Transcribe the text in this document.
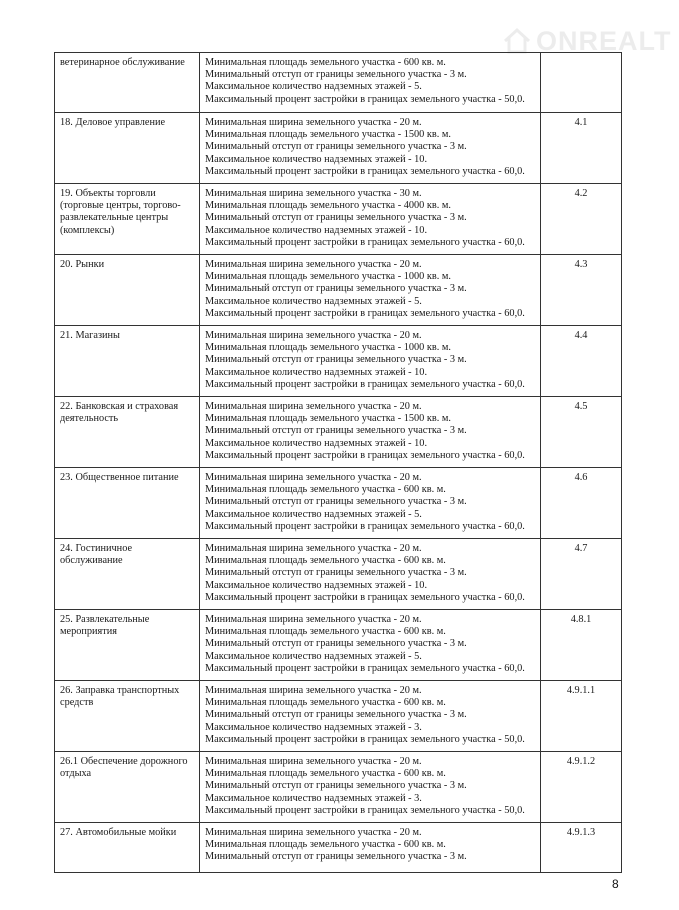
ONREALT
ветеринарное обслуживание	Минимальная площадь земельного участка - 600 кв. м.
Минимальный отступ от границы земельного участка - 3 м.
Максимальное количество надземных этажей - 5.
Максимальный процент застройки в границах земельного участка - 50,0.	

18. Деловое управление	Минимальная ширина земельного участка - 20 м.
Минимальная площадь земельного участка - 1500 кв. м.
Минимальный отступ от границы земельного участка - 3 м.
Максимальное количество надземных этажей - 10.
Максимальный процент застройки в границах земельного участка - 60,0.	4.1
19. Объекты торговли (торговые центры, торгово-развлекательные центры (комплексы)	Минимальная ширина земельного участка - 30 м.
Минимальная площадь земельного участка - 4000 кв. м.
Минимальный отступ от границы земельного участка - 3 м.
Максимальное количество надземных этажей - 10.
Максимальный процент застройки в границах земельного участка - 60,0.	4.2
20. Рынки	Минимальная ширина земельного участка - 20 м.
Минимальная площадь земельного участка - 1000 кв. м.
Минимальный отступ от границы земельного участка - 3 м.
Максимальное количество надземных этажей - 5.
Максимальный процент застройки в границах земельного участка - 60,0.	4.3
21. Магазины	Минимальная ширина земельного участка - 20 м.
Минимальная площадь земельного участка - 1000 кв. м.
Минимальный отступ от границы земельного участка - 3 м.
Максимальное количество надземных этажей - 10.
Максимальный процент застройки в границах земельного участка - 60,0.	4.4
22. Банковская и страховая деятельность	Минимальная ширина земельного участка - 20 м.
Минимальная площадь земельного участка - 1500 кв. м.
Минимальный отступ от границы земельного участка - 3 м.
Максимальное количество надземных этажей - 10.
Максимальный процент застройки в границах земельного участка - 60,0.	4.5
23. Общественное питание	Минимальная ширина земельного участка - 20 м.
Минимальная площадь земельного участка - 600 кв. м.
Минимальный отступ от границы земельного участка - 3 м.
Максимальное количество надземных этажей - 5.
Максимальный процент застройки в границах земельного участка - 60,0.	4.6
24. Гостиничное обслуживание	Минимальная ширина земельного участка - 20 м.
Минимальная площадь земельного участка - 600 кв. м.
Минимальный отступ от границы земельного участка - 3 м.
Максимальное количество надземных этажей - 10.
Максимальный процент застройки в границах земельного участка - 60,0.	4.7
25. Развлекательные мероприятия	Минимальная ширина земельного участка - 20 м.
Минимальная площадь земельного участка - 600 кв. м.
Минимальный отступ от границы земельного участка - 3 м.
Максимальное количество надземных этажей - 5.
Максимальный процент застройки в границах земельного участка - 60,0.	4.8.1
26. Заправка транспортных средств	Минимальная ширина земельного участка - 20 м.
Минимальная площадь земельного участка - 600 кв. м.
Минимальный отступ от границы земельного участка - 3 м.
Максимальное количество надземных этажей - 3.
Максимальный процент застройки в границах земельного участка - 50,0.	4.9.1.1
26.1 Обеспечение дорожного отдыха	Минимальная ширина земельного участка - 20 м.
Минимальная площадь земельного участка - 600 кв. м.
Минимальный отступ от границы земельного участка - 3 м.
Максимальное количество надземных этажей - 3.
Максимальный процент застройки в границах земельного участка - 50,0.	4.9.1.2
27. Автомобильные мойки	Минимальная ширина земельного участка - 20 м.
Минимальная площадь земельного участка - 600 кв. м.
Минимальный отступ от границы земельного участка - 3 м.	4.9.1.3
8
